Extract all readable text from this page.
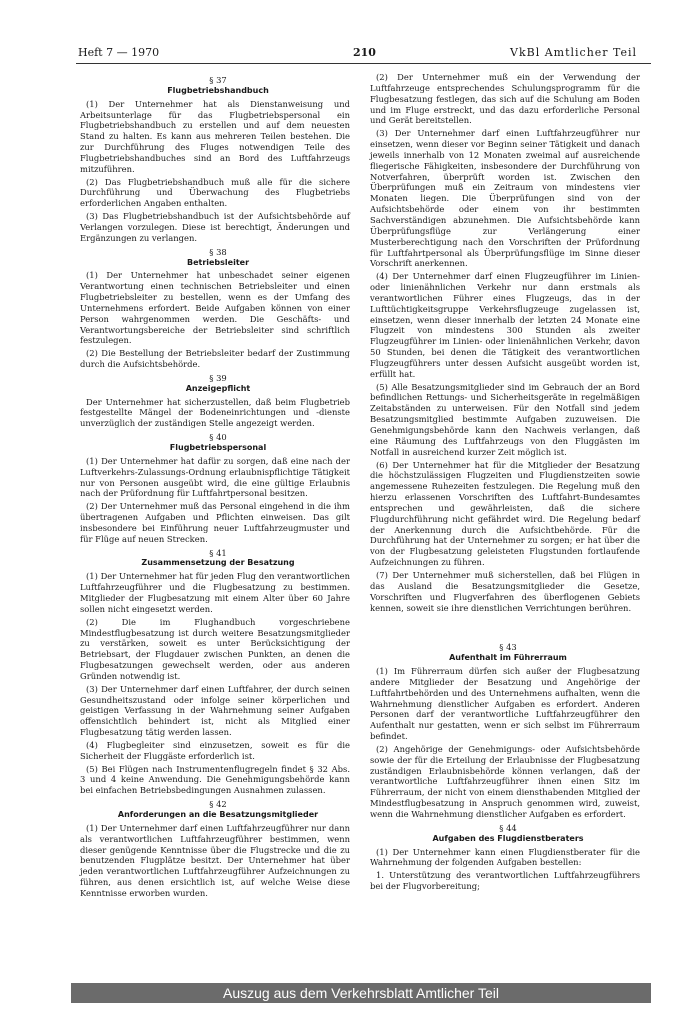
Heft 7 — 1970	210	VkBl Amtlicher Teil

§ 37

Flugbetriebshandbuch

(1) Der Unternehmer hat als Dienstanweisung und Arbeitsunterlage für das Flugbetriebspersonal ein Flugbetriebshandbuch zu erstellen und auf dem neuesten Stand zu halten. Es kann aus mehreren Teilen bestehen. Die zur Durchführung des Fluges notwendigen Teile des Flugbetriebshandbuches sind an Bord des Luftfahrzeugs mitzuführen.

(2) Das Flugbetriebshandbuch muß alle für die sichere Durchführung und Überwachung des Flugbetriebs erforderlichen Angaben enthalten.

(3) Das Flugbetriebshandbuch ist der Aufsichtsbehörde auf Verlangen vorzulegen. Diese ist berechtigt, Änderungen und Ergänzungen zu verlangen.

§ 38

Betriebsleiter

(1) Der Unternehmer hat unbeschadet seiner eigenen Verantwortung einen technischen Betriebsleiter und einen Flugbetriebsleiter zu bestellen, wenn es der Umfang des Unternehmens erfordert. Beide Aufgaben können von einer Person wahrgenommen werden. Die Geschäfts- und Verantwortungsbereiche der Betriebsleiter sind schriftlich festzulegen.

(2) Die Bestellung der Betriebsleiter bedarf der Zustimmung durch die Aufsichtsbehörde.

§ 39

Anzeigepflicht

Der Unternehmer hat sicherzustellen, daß beim Flugbetrieb festgestellte Mängel der Bodeneinrichtungen und -dienste unverzüglich der zuständigen Stelle angezeigt werden.

§ 40

Flugbetriebspersonal

(1) Der Unternehmer hat dafür zu sorgen, daß eine nach der Luftverkehrs-Zulassungs-Ordnung erlaubnispflichtige Tätigkeit nur von Personen ausgeübt wird, die eine gültige Erlaubnis nach der Prüfordnung für Luftfahrtpersonal besitzen.

(2) Der Unternehmer muß das Personal eingehend in die ihm übertragenen Aufgaben und Pflichten einweisen. Das gilt insbesondere bei Einführung neuer Luftfahrzeugmuster und für Flüge auf neuen Strecken.

§ 41

Zusammensetzung der Besatzung

(1) Der Unternehmer hat für jeden Flug den verantwortlichen Luftfahrzeugführer und die Flugbesatzung zu bestimmen. Mitglieder der Flugbesatzung mit einem Alter über 60 Jahre sollen nicht eingesetzt werden.

(2) Die im Flughandbuch vorgeschriebene Mindestflugbesatzung ist durch weitere Besatzungsmitglieder zu verstärken, soweit es unter Berücksichtigung der Betriebsart, der Flugdauer zwischen Punkten, an denen die Flugbesatzungen gewechselt werden, oder aus anderen Gründen notwendig ist.

(3) Der Unternehmer darf einen Luftfahrer, der durch seinen Gesundheitszustand oder infolge seiner körperlichen und geistigen Verfassung in der Wahrnehmung seiner Aufgaben offensichtlich behindert ist, nicht als Mitglied einer Flugbesatzung tätig werden lassen.

(4) Flugbegleiter sind einzusetzen, soweit es für die Sicherheit der Fluggäste erforderlich ist.

(5) Bei Flügen nach Instrumentenflugregeln findet § 32 Abs. 3 und 4 keine Anwendung. Die Genehmigungsbehörde kann bei einfachen Betriebsbedingungen Ausnahmen zulassen.

§ 42

Anforderungen an die Besatzungsmitglieder

(1) Der Unternehmer darf einen Luftfahrzeugführer nur dann als verantwortlichen Luftfahrzeugführer bestimmen, wenn dieser genügende Kenntnisse über die Flugstrecke und die zu benutzenden Flugplätze besitzt. Der Unternehmer hat über jeden verantwortlichen Luftfahrzeugführer Aufzeichnungen zu führen, aus denen ersichtlich ist, auf welche Weise diese Kenntnisse erworben wurden.

(2) Der Unternehmer muß ein der Verwendung der Luftfahrzeuge entsprechendes Schulungsprogramm für die Flugbesatzung festlegen, das sich auf die Schulung am Boden und im Fluge erstreckt, und das dazu erforderliche Personal und Gerät bereitstellen.

(3) Der Unternehmer darf einen Luftfahrzeugführer nur einsetzen, wenn dieser vor Beginn seiner Tätigkeit und danach jeweils innerhalb von 12 Monaten zweimal auf ausreichende fliegerische Fähigkeiten, insbesondere der Durchführung von Notverfahren, überprüft worden ist. Zwischen den Überprüfungen muß ein Zeitraum von mindestens vier Monaten liegen. Die Überprüfungen sind von der Aufsichtsbehörde oder einem von ihr bestimmten Sachverständigen abzunehmen. Die Aufsichtsbehörde kann Überprüfungsflüge zur Verlängerung einer Musterberechtigung nach den Vorschriften der Prüfordnung für Luftfahrtpersonal als Überprüfungsflüge im Sinne dieser Vorschrift anerkennen.

(4) Der Unternehmer darf einen Flugzeugführer im Linien- oder linienähnlichen Verkehr nur dann erstmals als verantwortlichen Führer eines Flugzeugs, das in der Lufttüchtigkeitsgruppe Verkehrsflugzeuge zugelassen ist, einsetzen, wenn dieser innerhalb der letzten 24 Monate eine Flugzeit von mindestens 300 Stunden als zweiter Flugzeugführer im Linien- oder linienähnlichen Verkehr, davon 50 Stunden, bei denen die Tätigkeit des verantwortlichen Flugzeugführers unter dessen Aufsicht ausgeübt worden ist, erfüllt hat.

(5) Alle Besatzungsmitglieder sind im Gebrauch der an Bord befindlichen Rettungs- und Sicherheitsgeräte in regelmäßigen Zeitabständen zu unterweisen. Für den Notfall sind jedem Besatzungsmitglied bestimmte Aufgaben zuzuweisen. Die Genehmigungsbehörde kann den Nachweis verlangen, daß eine Räumung des Luftfahrzeugs von den Fluggästen im Notfall in ausreichend kurzer Zeit möglich ist.

(6) Der Unternehmer hat für die Mitglieder der Besatzung die höchstzulässigen Flugzeiten und Flugdienstzeiten sowie angemessene Ruhezeiten festzulegen. Die Regelung muß den hierzu erlassenen Vorschriften des Luftfahrt-Bundesamtes entsprechen und gewährleisten, daß die sichere Flugdurchführung nicht gefährdet wird. Die Regelung bedarf der Anerkennung durch die Aufsichtbehörde. Für die Durchführung hat der Unternehmer zu sorgen; er hat über die von der Flugbesatzung geleisteten Flugstunden fortlaufende Aufzeichnungen zu führen.

(7) Der Unternehmer muß sicherstellen, daß bei Flügen in das Ausland die Besatzungsmitglieder die Gesetze, Vorschriften und Flugverfahren des überflogenen Gebiets kennen, soweit sie ihre dienstlichen Verrichtungen berühren.

§ 43

Aufenthalt im Führerraum

(1) Im Führerraum dürfen sich außer der Flugbesatzung andere Mitglieder der Besatzung und Angehörige der Luftfahrtbehörden und des Unternehmens aufhalten, wenn die Wahrnehmung dienstlicher Aufgaben es erfordert. Anderen Personen darf der verantwortliche Luftfahrzeugführer den Aufenthalt nur gestatten, wenn er sich selbst im Führerraum befindet.

(2) Angehörige der Genehmigungs- oder Aufsichtsbehörde sowie der für die Erteilung der Erlaubnisse der Flugbesatzung zuständigen Erlaubnisbehörde können verlangen, daß der verantwortliche Luftfahrzeugführer ihnen einen Sitz im Führerraum, der nicht von einem diensthabenden Mitglied der Mindestflugbesatzung in Anspruch genommen wird, zuweist, wenn die Wahrnehmung dienstlicher Aufgaben es erfordert.

§ 44

Aufgaben des Flugdienstberaters

(1) Der Unternehmer kann einen Flugdienstberater für die Wahrnehmung der folgenden Aufgaben bestellen:

1. Unterstützung des verantwortlichen Luftfahrzeugführers bei der Flugvorbereitung;

Auszug aus dem Verkehrsblatt Amtlicher Teil
